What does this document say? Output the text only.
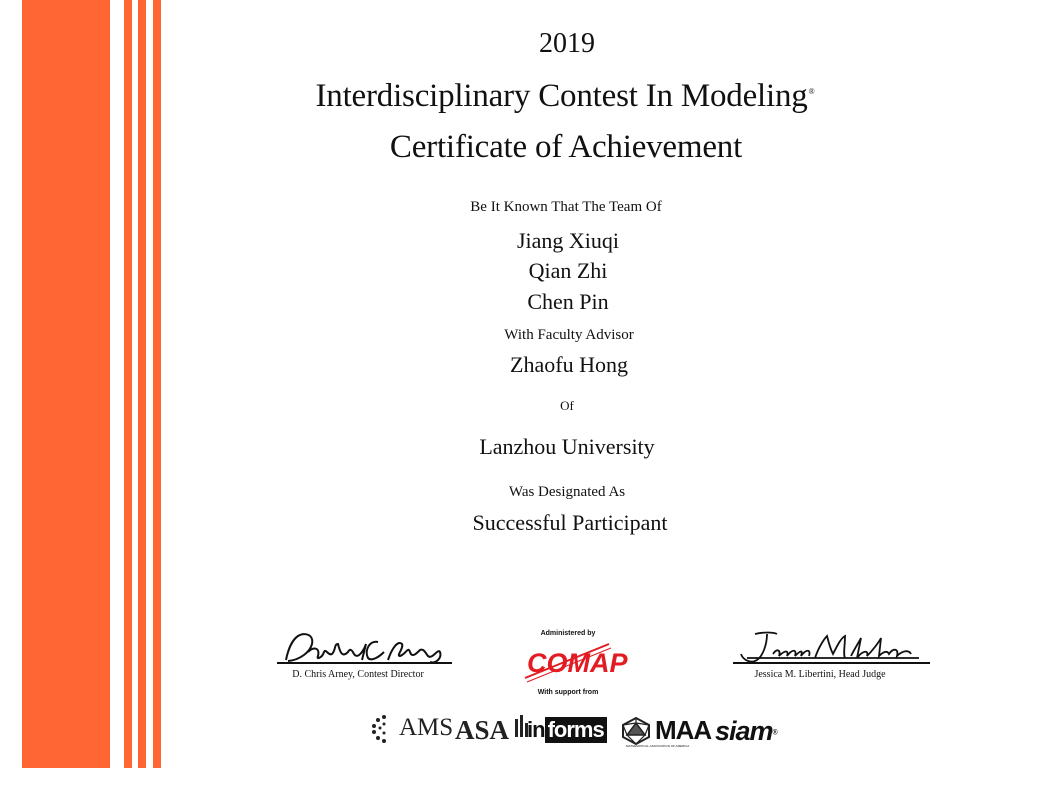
2019
Interdisciplinary Contest In Modeling®
Certificate of Achievement
Be It Known That The Team Of
Jiang Xiuqi
Qian Zhi
Chen Pin
With Faculty Advisor
Zhaofu Hong
Of
Lanzhou University
Was Designated As
Successful Participant
D. Chris Arney, Contest Director	Jessica M. Libertini, Head Judge
Administered by
COMAP
With support from
AMS ASA in forms MAA
MATHEMATICAL ASSOCIATION OF AMERICA siam®
